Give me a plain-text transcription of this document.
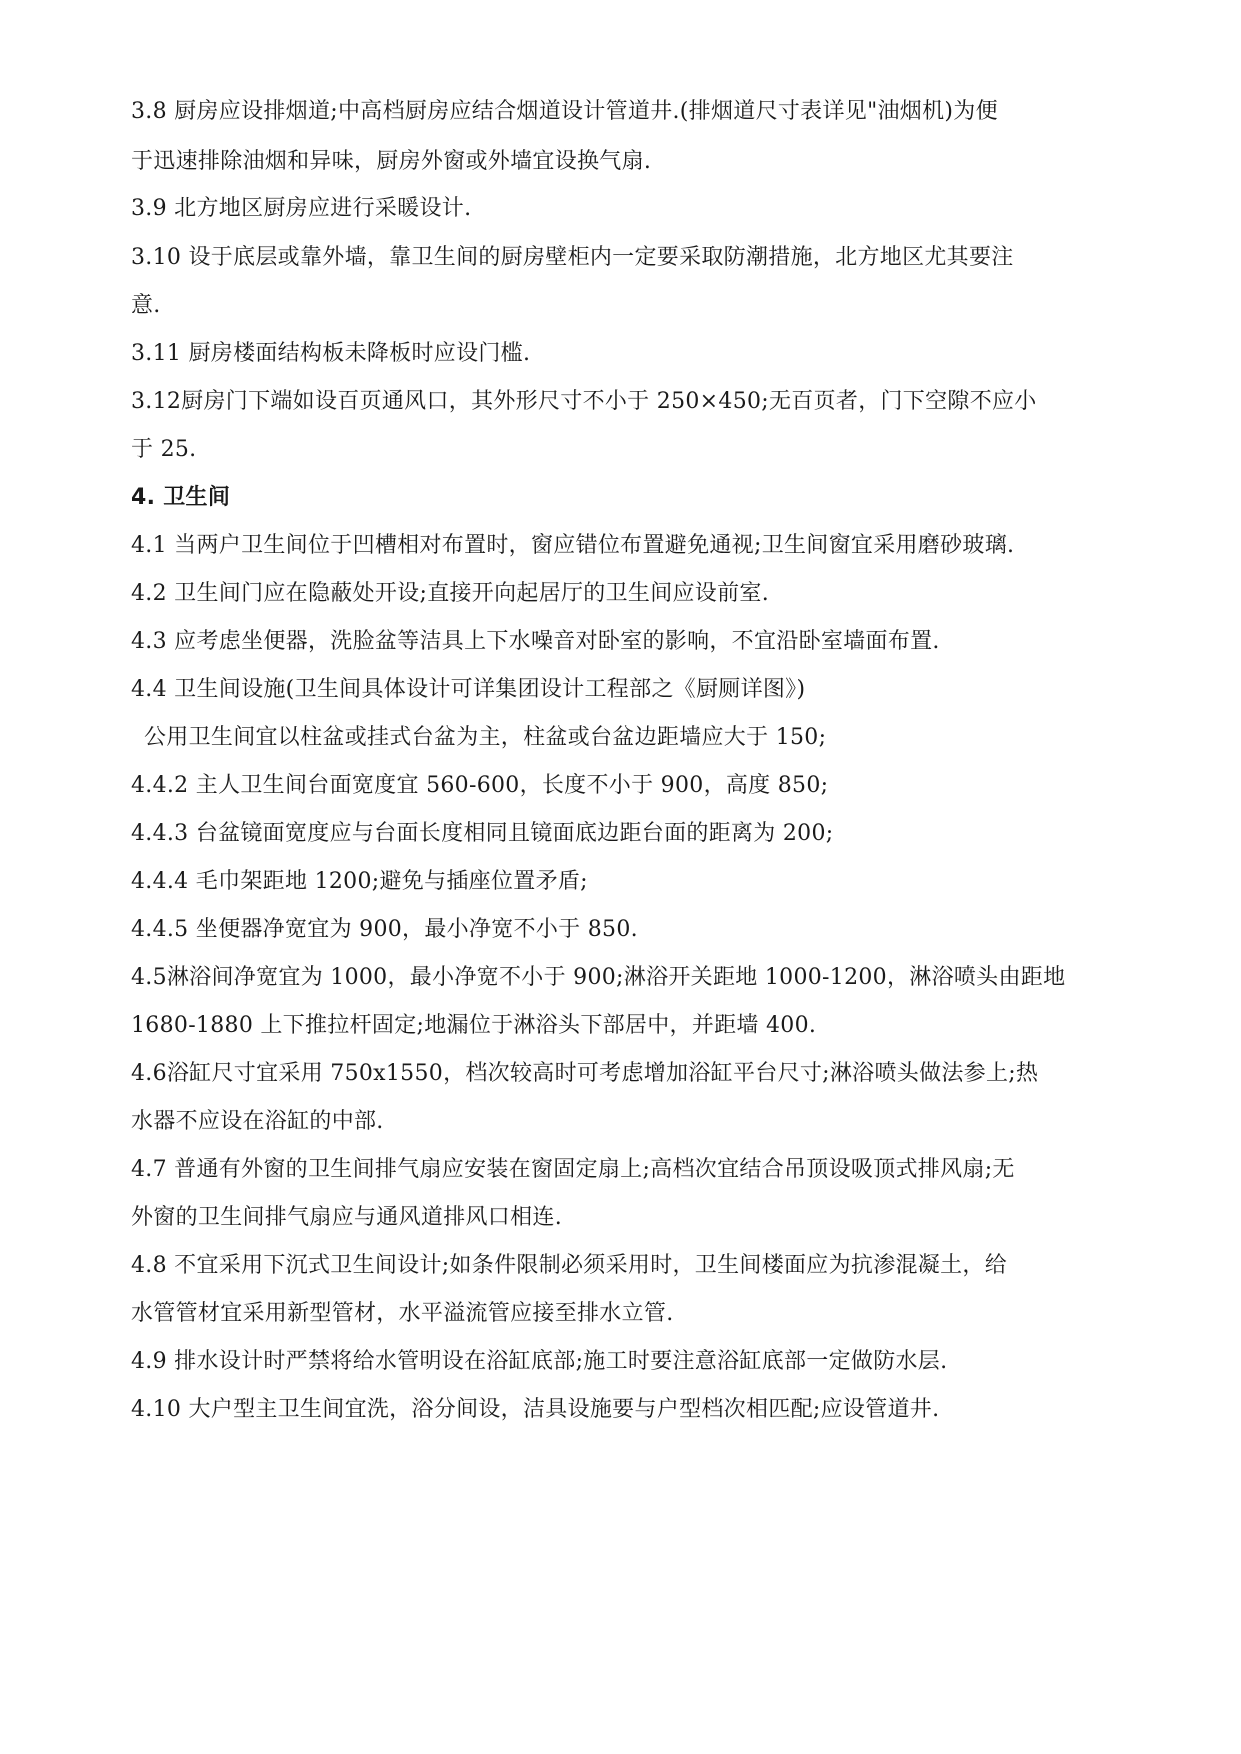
3.8 厨房应设排烟道;中高档厨房应结合烟道设计管道井.(排烟道尺寸表详见"油烟机)为便
于迅速排除油烟和异味，厨房外窗或外墙宜设换气扇.
3.9 北方地区厨房应进行采暖设计.
3.10 设于底层或靠外墙，靠卫生间的厨房壁柜内一定要采取防潮措施，北方地区尤其要注
意.
3.11 厨房楼面结构板未降板时应设门槛.
3.12厨房门下端如设百页通风口，其外形尺寸不小于 250×450;无百页者，门下空隙不应小
于 25.
4. 卫生间
4.1 当两户卫生间位于凹槽相对布置时，窗应错位布置避免通视;卫生间窗宜采用磨砂玻璃.
4.2 卫生间门应在隐蔽处开设;直接开向起居厅的卫生间应设前室.
4.3 应考虑坐便器，洗脸盆等洁具上下水噪音对卧室的影响，不宜沿卧室墙面布置.
4.4 卫生间设施(卫生间具体设计可详集团设计工程部之《厨厕详图》)
公用卫生间宜以柱盆或挂式台盆为主，柱盆或台盆边距墙应大于 150;
4.4.2 主人卫生间台面宽度宜 560-600，长度不小于 900，高度 850;
4.4.3 台盆镜面宽度应与台面长度相同且镜面底边距台面的距离为 200;
4.4.4 毛巾架距地 1200;避免与插座位置矛盾;
4.4.5 坐便器净宽宜为 900，最小净宽不小于 850.
4.5淋浴间净宽宜为 1000，最小净宽不小于 900;淋浴开关距地 1000-1200，淋浴喷头由距地
1680-1880 上下推拉杆固定;地漏位于淋浴头下部居中，并距墙 400.
4.6浴缸尺寸宜采用 750x1550，档次较高时可考虑增加浴缸平台尺寸;淋浴喷头做法参上;热
水器不应设在浴缸的中部.
4.7 普通有外窗的卫生间排气扇应安装在窗固定扇上;高档次宜结合吊顶设吸顶式排风扇;无
外窗的卫生间排气扇应与通风道排风口相连.
4.8 不宜采用下沉式卫生间设计;如条件限制必须采用时，卫生间楼面应为抗渗混凝土，给
水管管材宜采用新型管材，水平溢流管应接至排水立管.
4.9 排水设计时严禁将给水管明设在浴缸底部;施工时要注意浴缸底部一定做防水层.
4.10 大户型主卫生间宜洗，浴分间设，洁具设施要与户型档次相匹配;应设管道井.
